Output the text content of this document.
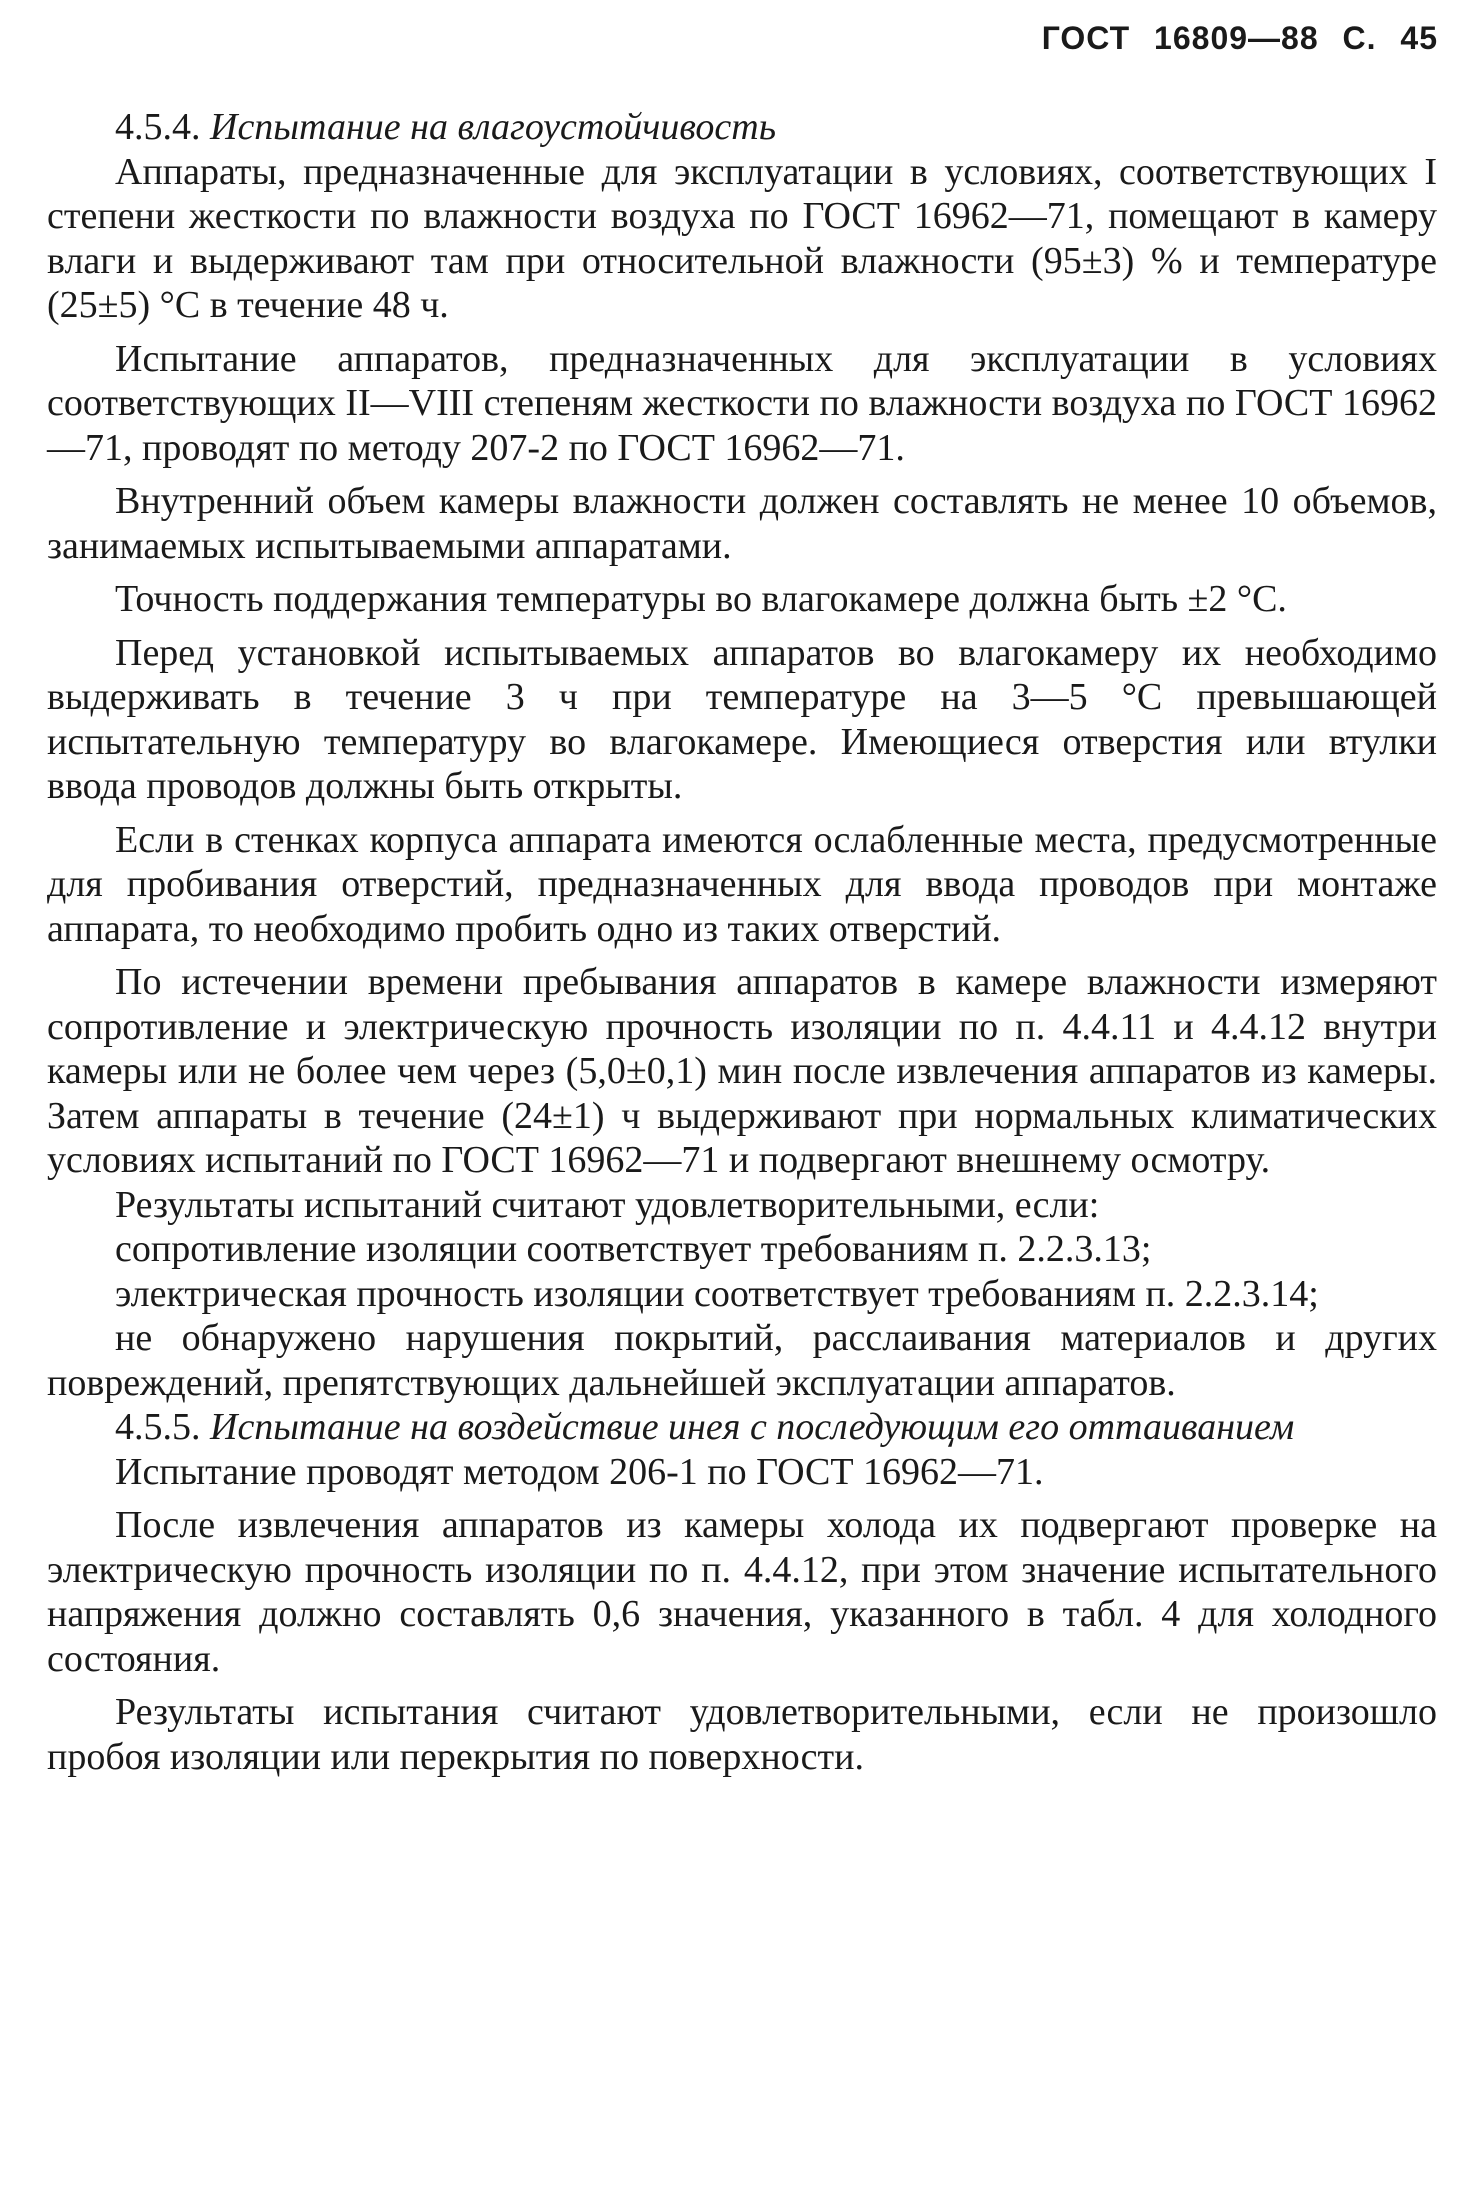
ГОСТ 16809—88 С. 45

4.5.4. Испытание на влагоустойчивость

Аппараты, предназначенные для эксплуатации в условиях, соответствующих I степени жесткости по влажности воздуха по ГОСТ 16962—71, помещают в камеру влаги и выдерживают там при относительной влажности (95±3) % и температуре (25±5) °С в течение 48 ч.

Испытание аппаратов, предназначенных для эксплуатации в условиях соответствующих II—VIII степеням жесткости по влажности воздуха по ГОСТ 16962—71, проводят по методу 207-2 по ГОСТ 16962—71.

Внутренний объем камеры влажности должен составлять не менее 10 объемов, занимаемых испытываемыми аппаратами.

Точность поддержания температуры во влагокамере должна быть ±2 °С.

Перед установкой испытываемых аппаратов во влагокамеру их необходимо выдерживать в течение 3 ч при температуре на 3—5 °С превышающей испытательную температуру во влагокамере. Имеющиеся отверстия или втулки ввода проводов должны быть открыты.

Если в стенках корпуса аппарата имеются ослабленные места, предусмотренные для пробивания отверстий, предназначенных для ввода проводов при монтаже аппарата, то необходимо пробить одно из таких отверстий.

По истечении времени пребывания аппаратов в камере влажности измеряют сопротивление и электрическую прочность изоляции по п. 4.4.11 и 4.4.12 внутри камеры или не более чем через (5,0±0,1) мин после извлечения аппаратов из камеры. Затем аппараты в течение (24±1) ч выдерживают при нормальных климатических условиях испытаний по ГОСТ 16962—71 и подвергают внешнему осмотру.

Результаты испытаний считают удовлетворительными, если:

сопротивление изоляции соответствует требованиям п. 2.2.3.13;

электрическая прочность изоляции соответствует требованиям п. 2.2.3.14;

не обнаружено нарушения покрытий, расслаивания материалов и других повреждений, препятствующих дальнейшей эксплуатации аппаратов.

4.5.5. Испытание на воздействие инея с последующим его оттаиванием

Испытание проводят методом 206-1 по ГОСТ 16962—71.

После извлечения аппаратов из камеры холода их подвергают проверке на электрическую прочность изоляции по п. 4.4.12, при этом значение испытательного напряжения должно составлять 0,6 значения, указанного в табл. 4 для холодного состояния.

Результаты испытания считают удовлетворительными, если не произошло пробоя изоляции или перекрытия по поверхности.
